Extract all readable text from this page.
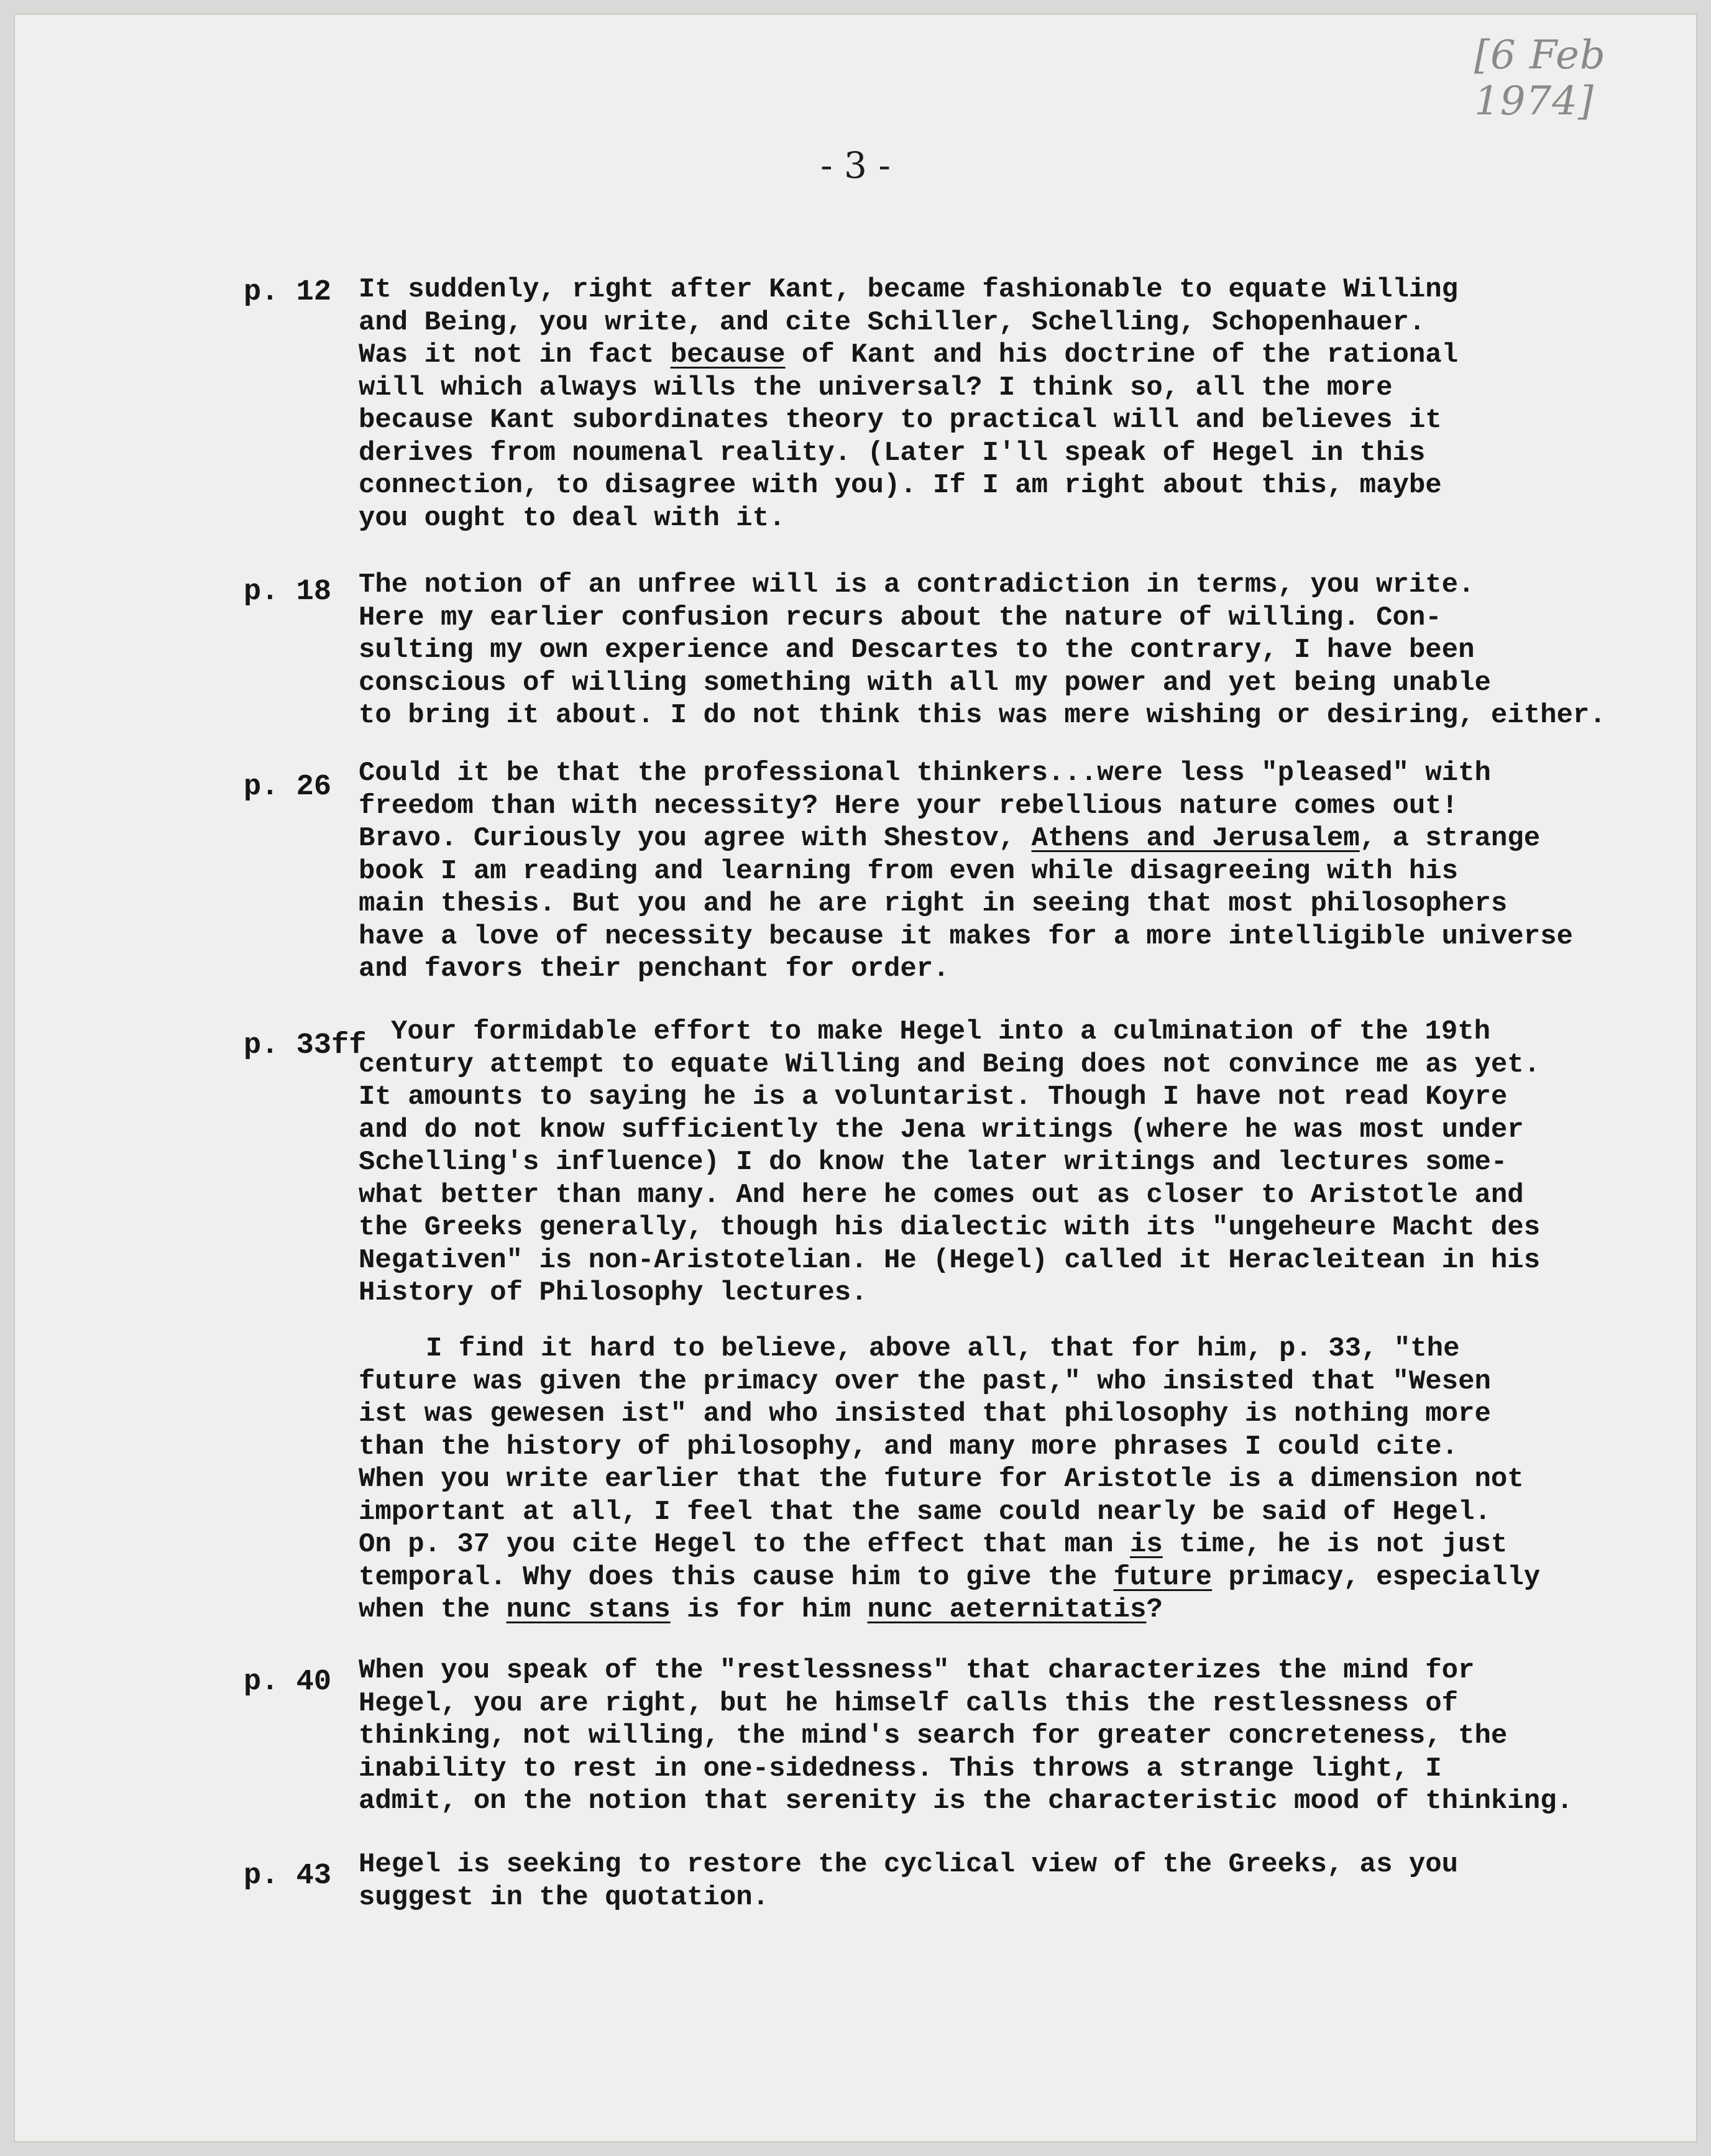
[6 Feb 1974]
- 3 -
p. 12 It suddenly, right after Kant, became fashionable to equate Willing
and Being, you write, and cite Schiller, Schelling, Schopenhauer.
Was it not in fact because of Kant and his doctrine of the rational
will which always wills the universal? I think so, all the more
because Kant subordinates theory to practical will and believes it
derives from noumenal reality. (Later I'll speak of Hegel in this
connection, to disagree with you). If I am right about this, maybe
you ought to deal with it.
p. 18 The notion of an unfree will is a contradiction in terms, you write.
Here my earlier confusion recurs about the nature of willing. Con-
sulting my own experience and Descartes to the contrary, I have been
conscious of willing something with all my power and yet being unable
to bring it about. I do not think this was mere wishing or desiring, either.
p. 26 Could it be that the professional thinkers...were less "pleased" with
freedom than with necessity? Here your rebellious nature comes out!
Bravo. Curiously you agree with Shestov, Athens and Jerusalem, a strange
book I am reading and learning from even while disagreeing with his
main thesis. But you and he are right in seeing that most philosophers
have a love of necessity because it makes for a more intelligible universe
and favors their penchant for order.
p. 33ff Your formidable effort to make Hegel into a culmination of the 19th
century attempt to equate Willing and Being does not convince me as yet.
It amounts to saying he is a voluntarist. Though I have not read Koyre
and do not know sufficiently the Jena writings (where he was most under
Schelling's influence) I do know the later writings and lectures some-
what better than many. And here he comes out as closer to Aristotle and
the Greeks generally, though his dialectic with its "ungeheure Macht des
Negativen" is non-Aristotelian. He (Hegel) called it Heracleitean in his
History of Philosophy lectures.
I find it hard to believe, above all, that for him, p. 33, "the
future was given the primacy over the past," who insisted that "Wesen
ist was gewesen ist" and who insisted that philosophy is nothing more
than the history of philosophy, and many more phrases I could cite.
When you write earlier that the future for Aristotle is a dimension not
important at all, I feel that the same could nearly be said of Hegel.
On p. 37 you cite Hegel to the effect that man is time, he is not just
temporal. Why does this cause him to give the future primacy, especially
when the nunc stans is for him nunc aeternitatis?
p. 40 When you speak of the "restlessness" that characterizes the mind for
Hegel, you are right, but he himself calls this the restlessness of
thinking, not willing, the mind's search for greater concreteness, the
inability to rest in one-sidedness. This throws a strange light, I
admit, on the notion that serenity is the characteristic mood of thinking.
p. 43 Hegel is seeking to restore the cyclical view of the Greeks, as you
suggest in the quotation.
